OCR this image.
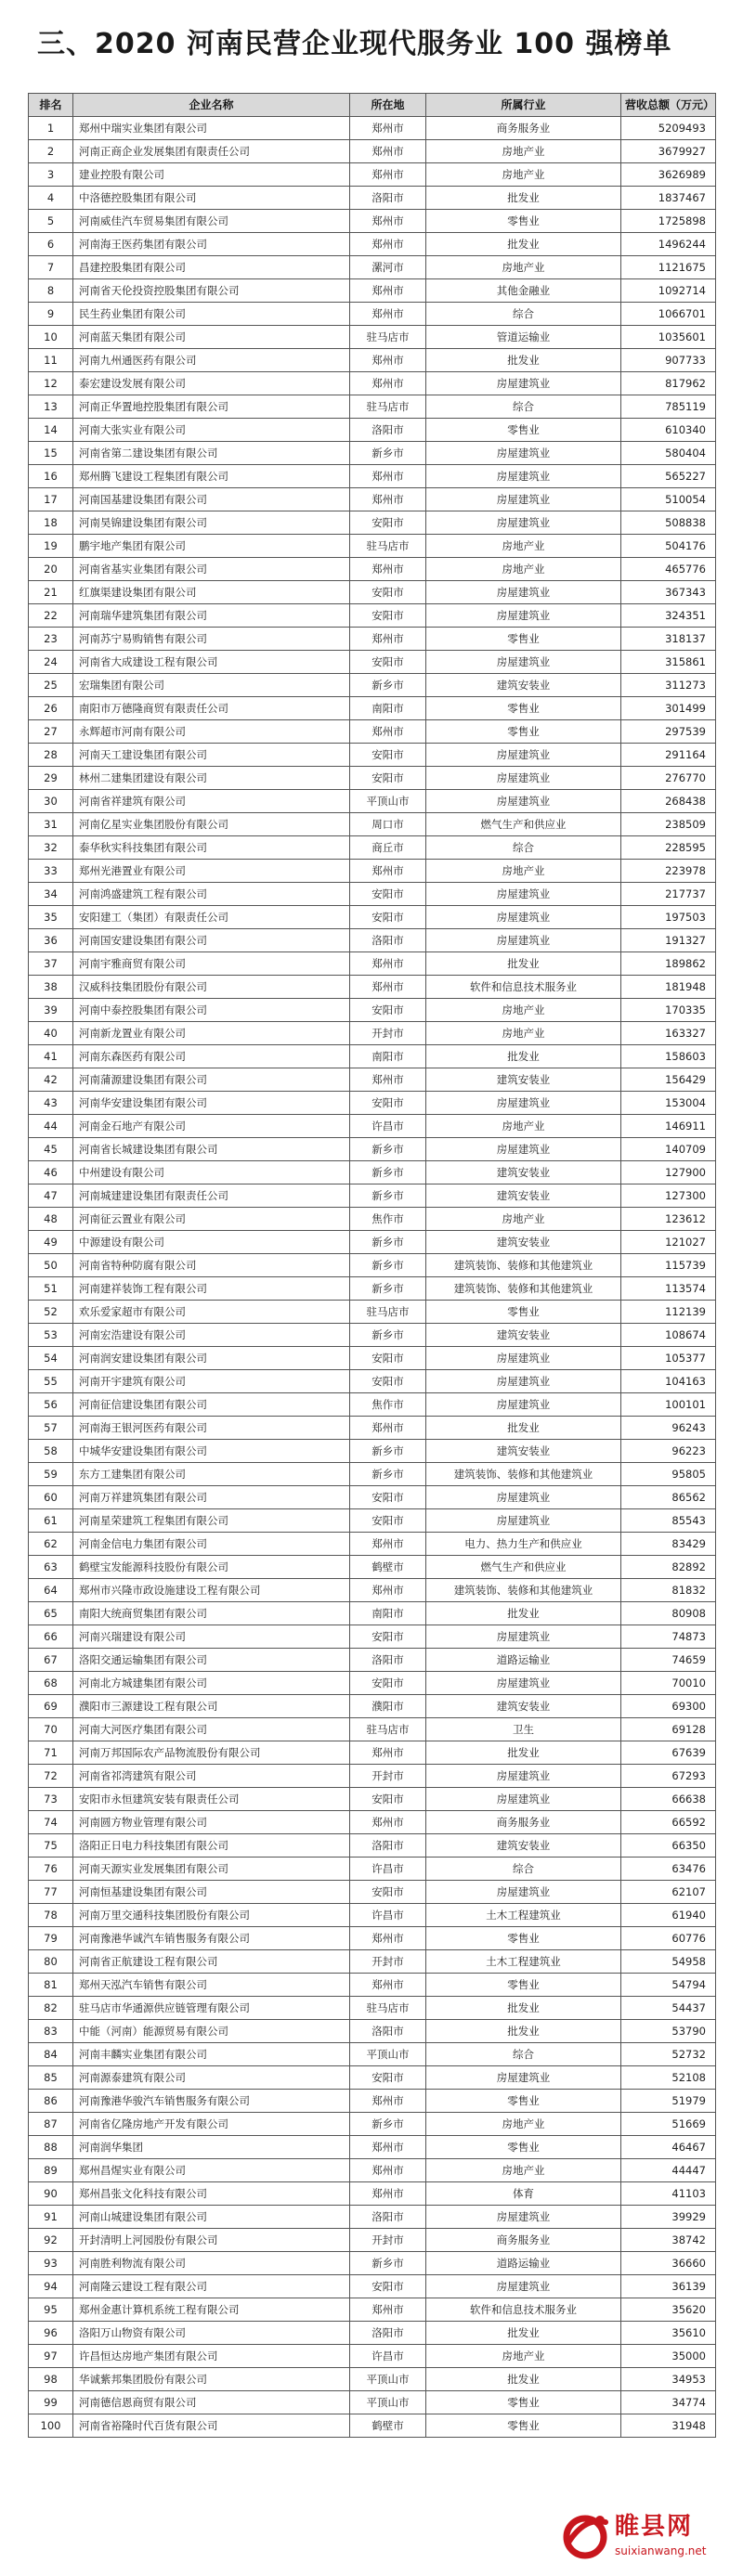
三、2020 河南民营企业现代服务业 100 强榜单
排名	企业名称	所在地	所属行业	营收总额（万元）
1	郑州中瑞实业集团有限公司	郑州市	商务服务业	5209493
2	河南正商企业发展集团有限责任公司	郑州市	房地产业	3679927
3	建业控股有限公司	郑州市	房地产业	3626989
4	中洛德控股集团有限公司	洛阳市	批发业	1837467
5	河南威佳汽车贸易集团有限公司	郑州市	零售业	1725898
6	河南海王医药集团有限公司	郑州市	批发业	1496244
7	昌建控股集团有限公司	漯河市	房地产业	1121675
8	河南省天伦投资控股集团有限公司	郑州市	其他金融业	1092714
9	民生药业集团有限公司	郑州市	综合	1066701
10	河南蓝天集团有限公司	驻马店市	管道运输业	1035601
11	河南九州通医药有限公司	郑州市	批发业	907733
12	泰宏建设发展有限公司	郑州市	房屋建筑业	817962
13	河南正华置地控股集团有限公司	驻马店市	综合	785119
14	河南大张实业有限公司	洛阳市	零售业	610340
15	河南省第二建设集团有限公司	新乡市	房屋建筑业	580404
16	郑州腾飞建设工程集团有限公司	郑州市	房屋建筑业	565227
17	河南国基建设集团有限公司	郑州市	房屋建筑业	510054
18	河南昊锦建设集团有限公司	安阳市	房屋建筑业	508838
19	鹏宇地产集团有限公司	驻马店市	房地产业	504176
20	河南省基实业集团有限公司	郑州市	房地产业	465776
21	红旗渠建设集团有限公司	安阳市	房屋建筑业	367343
22	河南瑞华建筑集团有限公司	安阳市	房屋建筑业	324351
23	河南苏宁易购销售有限公司	郑州市	零售业	318137
24	河南省大成建设工程有限公司	安阳市	房屋建筑业	315861
25	宏瑞集团有限公司	新乡市	建筑安装业	311273
26	南阳市万德隆商贸有限责任公司	南阳市	零售业	301499
27	永辉超市河南有限公司	郑州市	零售业	297539
28	河南天工建设集团有限公司	安阳市	房屋建筑业	291164
29	林州二建集团建设有限公司	安阳市	房屋建筑业	276770
30	河南省祥建筑有限公司	平顶山市	房屋建筑业	268438
31	河南亿星实业集团股份有限公司	周口市	燃气生产和供应业	238509
32	泰华秋实科技集团有限公司	商丘市	综合	228595
33	郑州光港置业有限公司	郑州市	房地产业	223978
34	河南鸿盛建筑工程有限公司	安阳市	房屋建筑业	217737
35	安阳建工（集团）有限责任公司	安阳市	房屋建筑业	197503
36	河南国安建设集团有限公司	洛阳市	房屋建筑业	191327
37	河南宇雅商贸有限公司	郑州市	批发业	189862
38	汉威科技集团股份有限公司	郑州市	软件和信息技术服务业	181948
39	河南中泰控股集团有限公司	安阳市	房地产业	170335
40	河南新龙置业有限公司	开封市	房地产业	163327
41	河南东森医药有限公司	南阳市	批发业	158603
42	河南蒲源建设集团有限公司	郑州市	建筑安装业	156429
43	河南华安建设集团有限公司	安阳市	房屋建筑业	153004
44	河南金石地产有限公司	许昌市	房地产业	146911
45	河南省长城建设集团有限公司	新乡市	房屋建筑业	140709
46	中州建设有限公司	新乡市	建筑安装业	127900
47	河南城建建设集团有限责任公司	新乡市	建筑安装业	127300
48	河南征云置业有限公司	焦作市	房地产业	123612
49	中源建设有限公司	新乡市	建筑安装业	121027
50	河南省特种防腐有限公司	新乡市	建筑装饰、装修和其他建筑业	115739
51	河南建祥装饰工程有限公司	新乡市	建筑装饰、装修和其他建筑业	113574
52	欢乐爱家超市有限公司	驻马店市	零售业	112139
53	河南宏浩建设有限公司	新乡市	建筑安装业	108674
54	河南润安建设集团有限公司	安阳市	房屋建筑业	105377
55	河南开宇建筑有限公司	安阳市	房屋建筑业	104163
56	河南征信建设集团有限公司	焦作市	房屋建筑业	100101
57	河南海王银河医药有限公司	郑州市	批发业	96243
58	中城华安建设集团有限公司	新乡市	建筑安装业	96223
59	东方工建集团有限公司	新乡市	建筑装饰、装修和其他建筑业	95805
60	河南万祥建筑集团有限公司	安阳市	房屋建筑业	86562
61	河南星荣建筑工程集团有限公司	安阳市	房屋建筑业	85543
62	河南金信电力集团有限公司	郑州市	电力、热力生产和供应业	83429
63	鹤壁宝发能源科技股份有限公司	鹤壁市	燃气生产和供应业	82892
64	郑州市兴隆市政设施建设工程有限公司	郑州市	建筑装饰、装修和其他建筑业	81832
65	南阳大统商贸集团有限公司	南阳市	批发业	80908
66	河南兴瑞建设有限公司	安阳市	房屋建筑业	74873
67	洛阳交通运输集团有限公司	洛阳市	道路运输业	74659
68	河南北方城建集团有限公司	安阳市	房屋建筑业	70010
69	濮阳市三源建设工程有限公司	濮阳市	建筑安装业	69300
70	河南大河医疗集团有限公司	驻马店市	卫生	69128
71	河南万邦国际农产品物流股份有限公司	郑州市	批发业	67639
72	河南省祁湾建筑有限公司	开封市	房屋建筑业	67293
73	安阳市永恒建筑安装有限责任公司	安阳市	房屋建筑业	66638
74	河南圆方物业管理有限公司	郑州市	商务服务业	66592
75	洛阳正日电力科技集团有限公司	洛阳市	建筑安装业	66350
76	河南天源实业发展集团有限公司	许昌市	综合	63476
77	河南恒基建设集团有限公司	安阳市	房屋建筑业	62107
78	河南万里交通科技集团股份有限公司	许昌市	土木工程建筑业	61940
79	河南豫港华诚汽车销售服务有限公司	郑州市	零售业	60776
80	河南省正航建设工程有限公司	开封市	土木工程建筑业	54958
81	郑州天泓汽车销售有限公司	郑州市	零售业	54794
82	驻马店市华通源供应链管理有限公司	驻马店市	批发业	54437
83	中能（河南）能源贸易有限公司	洛阳市	批发业	53790
84	河南丰麟实业集团有限公司	平顶山市	综合	52732
85	河南源泰建筑有限公司	安阳市	房屋建筑业	52108
86	河南豫港华骏汽车销售服务有限公司	郑州市	零售业	51979
87	河南省亿隆房地产开发有限公司	新乡市	房地产业	51669
88	河南润华集团	郑州市	零售业	46467
89	郑州昌煋实业有限公司	郑州市	房地产业	44447
90	郑州昌张文化科技有限公司	郑州市	体育	41103
91	河南山城建设集团有限公司	洛阳市	房屋建筑业	39929
92	开封清明上河园股份有限公司	开封市	商务服务业	38742
93	河南胜利物流有限公司	新乡市	道路运输业	36660
94	河南隆云建设工程有限公司	安阳市	房屋建筑业	36139
95	郑州金惠计算机系统工程有限公司	郑州市	软件和信息技术服务业	35620
96	洛阳万山物资有限公司	洛阳市	批发业	35610
97	许昌恒达房地产集团有限公司	许昌市	房地产业	35000
98	华诚紫邦集团股份有限公司	平顶山市	批发业	34953
99	河南德信恩商贸有限公司	平顶山市	零售业	34774
100	河南省裕隆时代百货有限公司	鹤壁市	零售业	31948
睢县网
suixianwang.net
